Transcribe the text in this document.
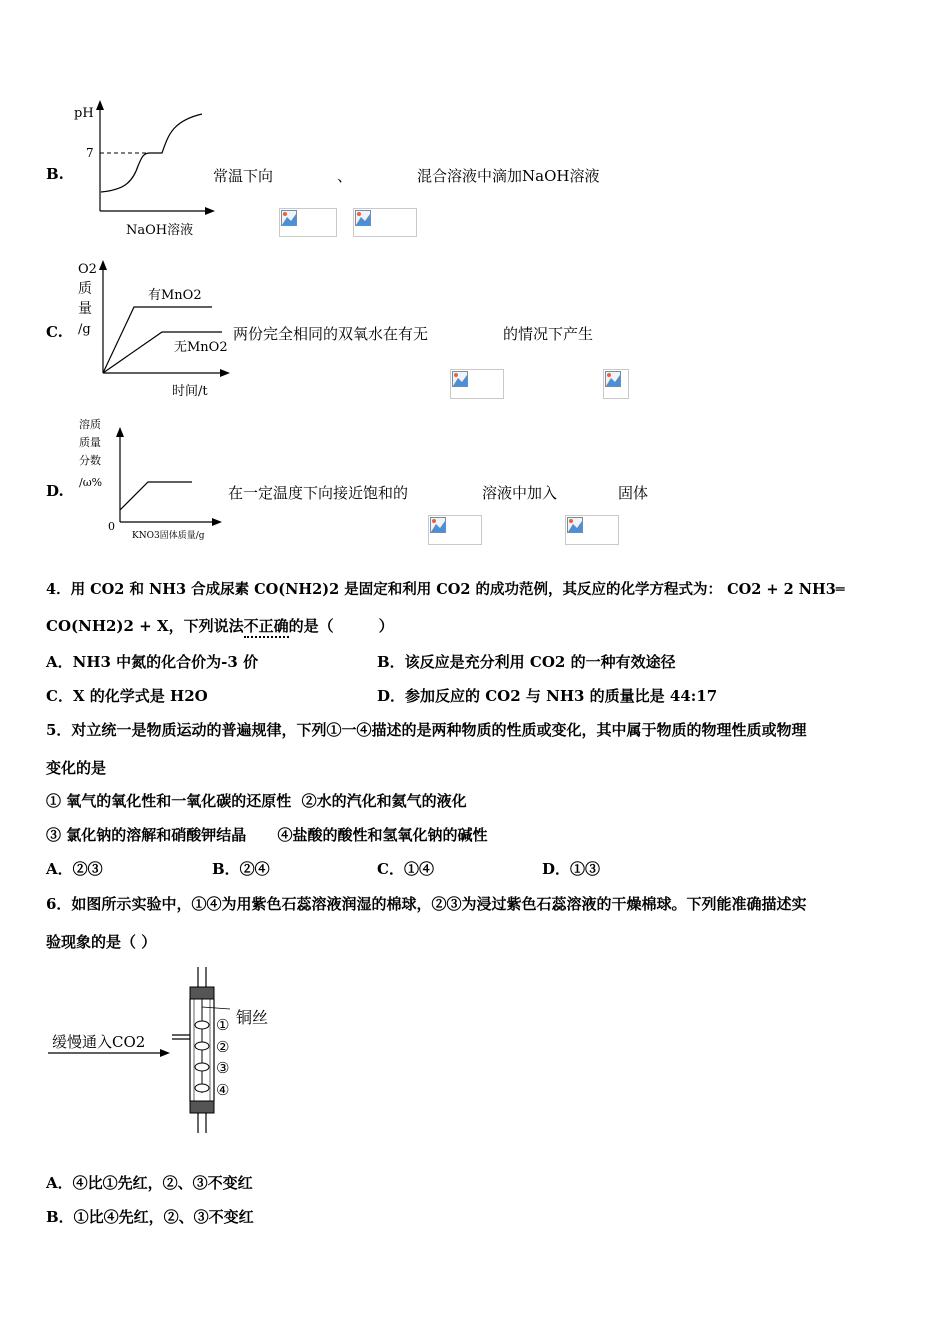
B.
pH
7
NaOH溶液
常温下向	、	混合溶液中滴加NaOH溶液
C.
O2
质
量
/g
有MnO2
无MnO2
时间/t
两份完全相同的双氧水在有无	的情况下产生
D.
溶质
质量
分数
/ω%
0
KNO3固体质量/g
在一定温度下向接近饱和的	溶液中加入	固体
4．用 CO2 和 NH3 合成尿素 CO(NH2)2 是固定和利用 CO2 的成功范例，其反应的化学方程式为： CO2 + 2 NH3═
CO(NH2)2 + X，下列说法不正确的是（　　　）
A．NH3 中氮的化合价为-3 价	B．该反应是充分利用 CO2 的一种有效途径
C．X 的化学式是 H2O	D．参加反应的 CO2 与 NH3 的质量比是 44:17
5．对立统一是物质运动的普遍规律，下列①一④描述的是两种物质的性质或变化，其中属于物质的物理性质或物理
变化的是
① 氧气的氧化性和一氧化碳的还原性  ②水的汽化和氦气的液化
③ 氯化钠的溶解和硝酸钾结晶      ④盐酸的酸性和氢氧化钠的碱性
A．②③	B．②④	C．①④	D．①③
6．如图所示实验中，①④为用紫色石蕊溶液润湿的棉球，②③为浸过紫色石蕊溶液的干燥棉球。下列能准确描述实
验现象的是（ ）
缓慢通入CO2
铜丝
①
②
③
④
A．④比①先红，②、③不变红
B．①比④先红，②、③不变红
